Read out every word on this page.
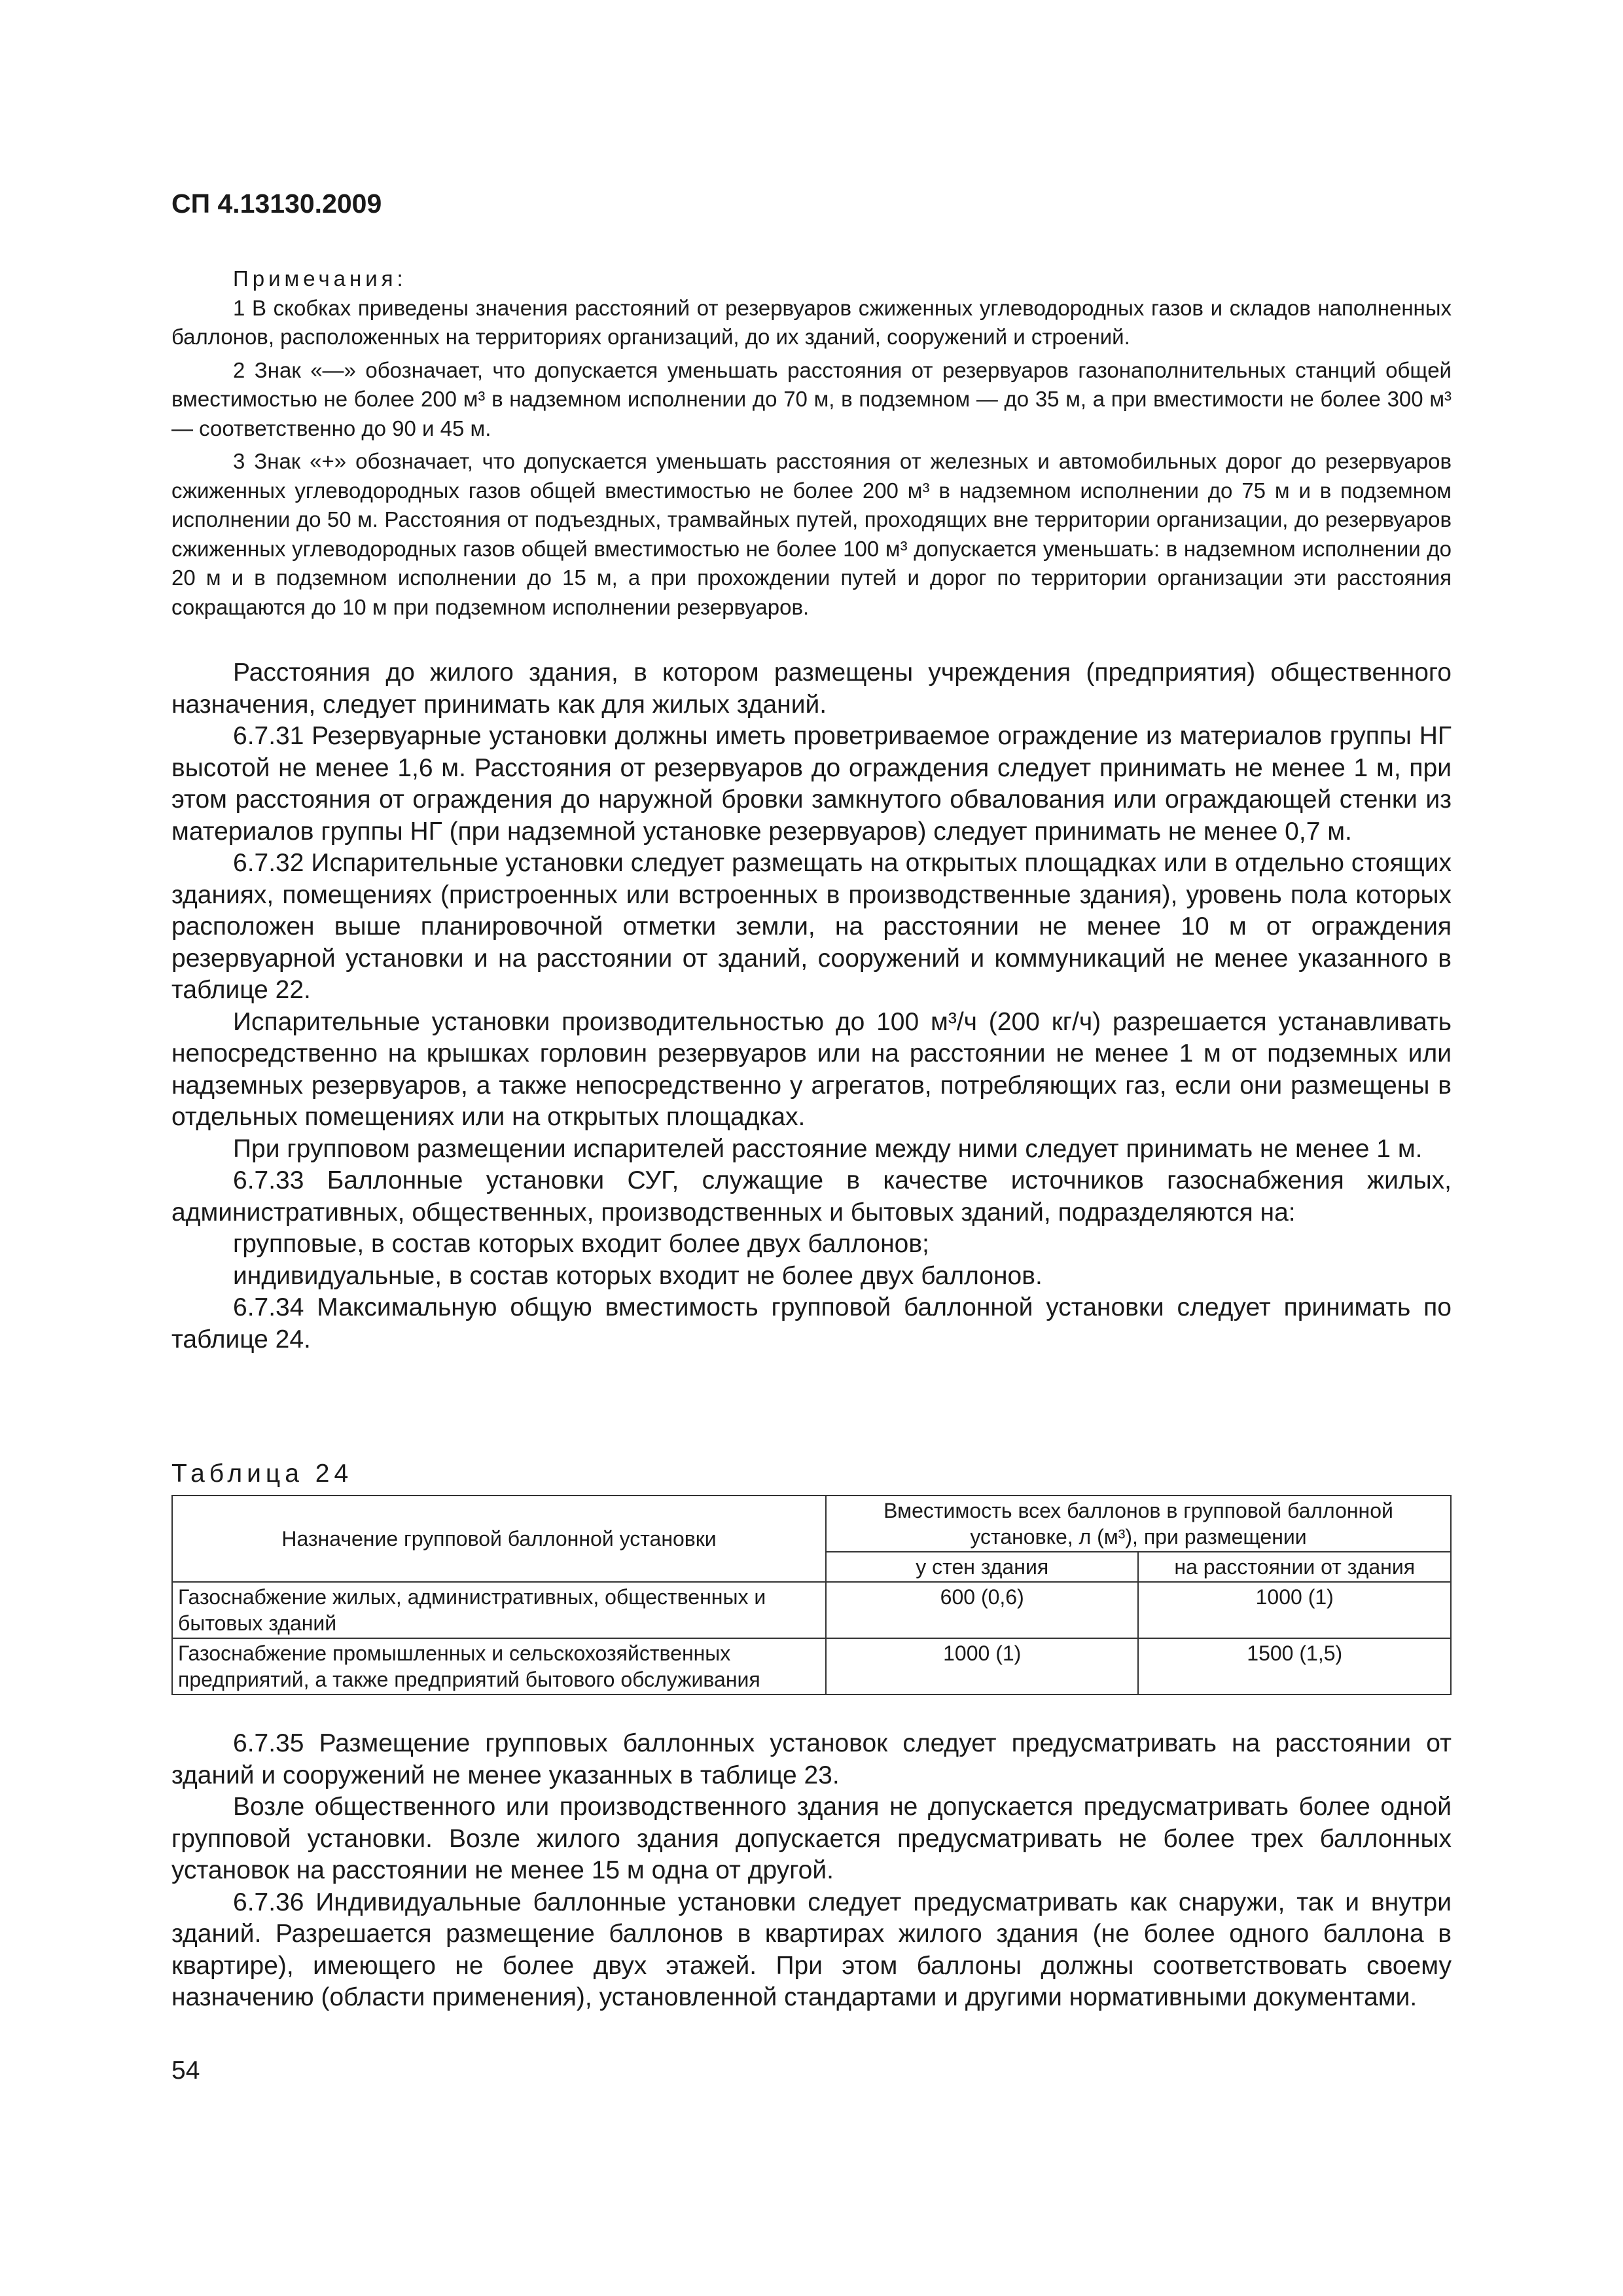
СП 4.13130.2009
Примечания:

1 В скобках приведены значения расстояний от резервуаров сжиженных углеводородных газов и складов наполненных баллонов, расположенных на территориях организаций, до их зданий, сооружений и строений.

2 Знак «—» обозначает, что допускается уменьшать расстояния от резервуаров газонаполнительных станций общей вместимостью не более 200 м³ в надземном исполнении до 70 м, в подземном — до 35 м, а при вместимости не более 300 м³ — соответственно до 90 и 45 м.

3 Знак «+» обозначает, что допускается уменьшать расстояния от железных и автомобильных дорог до резервуаров сжиженных углеводородных газов общей вместимостью не более 200 м³ в надземном исполнении до 75 м и в подземном исполнении до 50 м. Расстояния от подъездных, трамвайных путей, проходящих вне территории организации, до резервуаров сжиженных углеводородных газов общей вместимостью не более 100 м³ допускается уменьшать: в надземном исполнении до 20 м и в подземном исполнении до 15 м, а при прохождении путей и дорог по территории организации эти расстояния сокращаются до 10 м при подземном исполнении резервуаров.

Расстояния до жилого здания, в котором размещены учреждения (предприятия) общественного назначения, следует принимать как для жилых зданий.

6.7.31 Резервуарные установки должны иметь проветриваемое ограждение из материалов группы НГ высотой не менее 1,6 м. Расстояния от резервуаров до ограждения следует принимать не менее 1 м, при этом расстояния от ограждения до наружной бровки замкнутого обвалования или ограждающей стенки из материалов группы НГ (при надземной установке резервуаров) следует принимать не менее 0,7 м.

6.7.32 Испарительные установки следует размещать на открытых площадках или в отдельно стоящих зданиях, помещениях (пристроенных или встроенных в производственные здания), уровень пола которых расположен выше планировочной отметки земли, на расстоянии не менее 10 м от ограждения резервуарной установки и на расстоянии от зданий, сооружений и коммуникаций не менее указанного в таблице 22.

Испарительные установки производительностью до 100 м³/ч (200 кг/ч) разрешается устанавливать непосредственно на крышках горловин резервуаров или на расстоянии не менее 1 м от подземных или надземных резервуаров, а также непосредственно у агрегатов, потребляющих газ, если они размещены в отдельных помещениях или на открытых площадках.

При групповом размещении испарителей расстояние между ними следует принимать не менее 1 м.

6.7.33 Баллонные установки СУГ, служащие в качестве источников газоснабжения жилых, административных, общественных, производственных и бытовых зданий, подразделяются на:

групповые, в состав которых входит более двух баллонов;

индивидуальные, в состав которых входит не более двух баллонов.

6.7.34 Максимальную общую вместимость групповой баллонной установки следует принимать по таблице 24.

Таблица 24
Назначение групповой баллонной установки	Вместимость всех баллонов в групповой баллонной установке, л (м³), при размещении	
	у стен здания	на расстоянии от здания
Газоснабжение жилых, административных, общественных и бытовых зданий	600 (0,6)	1000 (1)
Газоснабжение промышленных и сельскохозяйственных предприятий, а также предприятий бытового обслуживания	1000 (1)	1500 (1,5)

6.7.35 Размещение групповых баллонных установок следует предусматривать на расстоянии от зданий и сооружений не менее указанных в таблице 23.

Возле общественного или производственного здания не допускается предусматривать более одной групповой установки. Возле жилого здания допускается предусматривать не более трех баллонных установок на расстоянии не менее 15 м одна от другой.

6.7.36 Индивидуальные баллонные установки следует предусматривать как снаружи, так и внутри зданий. Разрешается размещение баллонов в квартирах жилого здания (не более одного баллона в квартире), имеющего не более двух этажей. При этом баллоны должны соответствовать своему назначению (области применения), установленной стандартами и другими нормативными документами.

54
